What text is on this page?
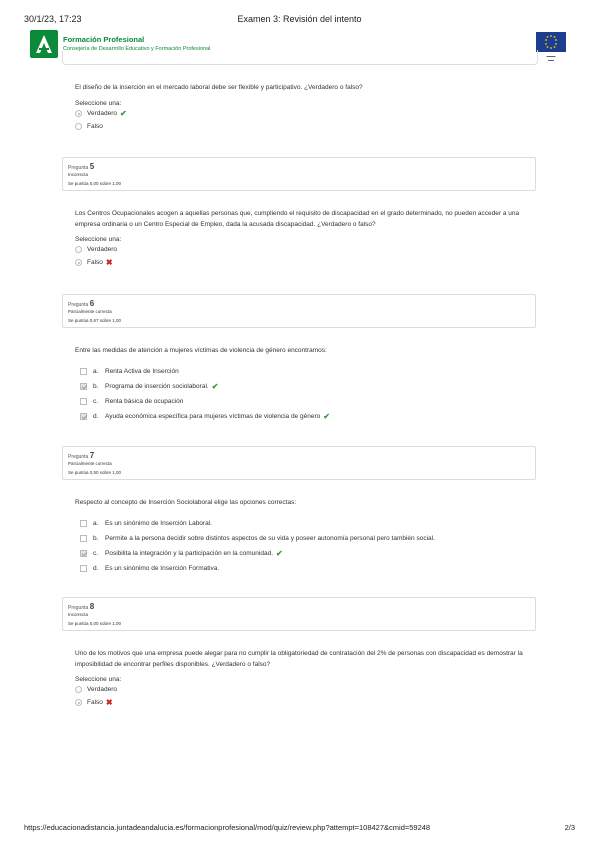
30/1/23, 17:23	Examen 3: Revisión del intento
Formación Profesional
Consejería de Desarrollo Educativo y Formación Profesional
▬▬▬
▬▬
El diseño de la inserción en el mercado laboral debe ser flexible y participativo. ¿Verdadero o falso?
Seleccione una:
Verdadero ✔
Falso
Pregunta 5
Incorrecta
Se puntúa 0,00 sobre 1,00
Los Centros Ocupacionales acogen a aquellas personas que, cumpliendo el requisito de discapacidad en el grado determinado, no pueden acceder a una empresa ordinaria o un Centro Especial de Empleo, dada la acusada discapacidad. ¿Verdadero o falso?
Seleccione una:
Verdadero
Falso ✖
Pregunta 6
Parcialmente correcta
Se puntúa 0,67 sobre 1,00
Entre las medidas de atención a mujeres víctimas de violencia de género encontramos:
a.	Renta Activa de Inserción
b.	Programa de inserción sociolaboral. ✔
c.	Renta básica de ocupación
d.	Ayuda económica específica para mujeres víctimas de violencia de género ✔
Pregunta 7
Parcialmente correcta
Se puntúa 0,50 sobre 1,00
Respecto al concepto de Inserción Sociolaboral elige las opciones correctas:
a.	Es un sinónimo de Inserción Laboral.
b.	Permite a la persona decidir sobre distintos aspectos de su vida y poseer autonomía personal pero también social.
c.	Posibilita la integración y la participación en la comunidad. ✔
d.	Es un sinónimo de Inserción Formativa.
Pregunta 8
Incorrecta
Se puntúa 0,00 sobre 1,00
Uno de los motivos que una empresa puede alegar para no cumplir la obligatoriedad de contratación del 2% de personas con discapacidad es demostrar la imposibilidad de encontrar perfiles disponibles. ¿Verdadero o falso?
Seleccione una:
Verdadero
Falso ✖
https://educacionadistancia.juntadeandalucia.es/formacionprofesional/mod/quiz/review.php?attempt=108427&cmid=59248	2/3
